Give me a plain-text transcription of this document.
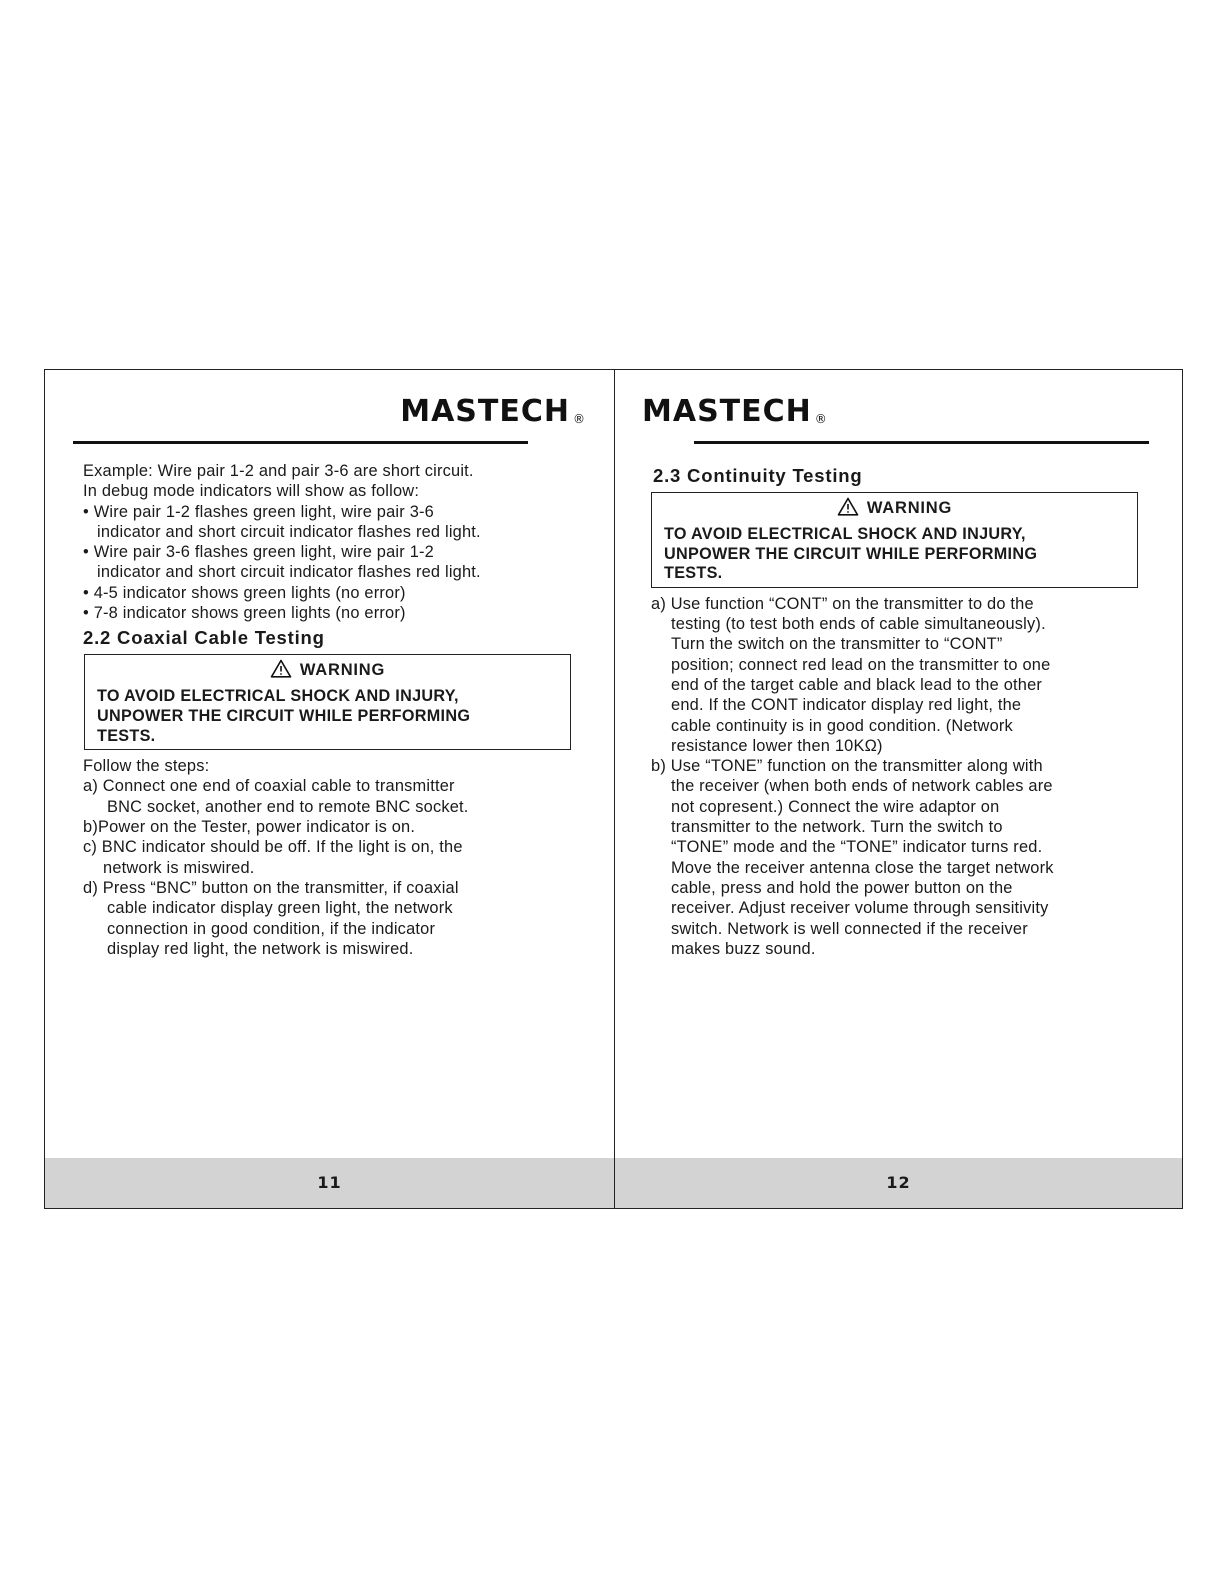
MASTECH ®
Example: Wire pair 1-2 and pair 3-6 are short circuit.
In debug mode indicators will show as follow:
• Wire pair 1-2 flashes green light, wire pair 3-6
indicator and short circuit indicator flashes red light.
• Wire pair 3-6 flashes green light, wire pair 1-2
indicator and short circuit indicator flashes red light.
• 4-5 indicator shows green lights (no error)
• 7-8 indicator shows green lights (no error)
2.2 Coaxial Cable Testing
WARNING
TO AVOID ELECTRICAL SHOCK AND INJURY,
UNPOWER THE CIRCUIT WHILE PERFORMING
TESTS.
Follow the steps:
a) Connect one end of coaxial cable to transmitter
BNC socket, another end to remote BNC socket.
b)Power on the Tester, power indicator is on.
c) BNC indicator should be off. If the light is on, the
network is miswired.
d) Press “BNC” button on the transmitter, if coaxial
cable indicator display green light, the network
connection in good condition, if the indicator
display red light, the network is miswired.
11
MASTECH ®
2.3 Continuity Testing
WARNING
TO AVOID ELECTRICAL SHOCK AND INJURY,
UNPOWER THE CIRCUIT WHILE PERFORMING
TESTS.
a) Use function “CONT” on the transmitter to do the
testing (to test both ends of cable simultaneously).
Turn the switch on the transmitter to “CONT”
position; connect red lead on the transmitter to one
end of the target cable and black lead to the other
end. If the CONT indicator display red light, the
cable continuity is in good condition. (Network
resistance lower then 10KΩ)
b) Use “TONE” function on the transmitter along with
the receiver (when both ends of network cables are
not copresent.) Connect the wire adaptor on
transmitter to the network. Turn the switch to
“TONE” mode and the “TONE” indicator turns red.
Move the receiver antenna close the target network
cable, press and hold the power button on the
receiver. Adjust receiver volume through sensitivity
switch. Network is well connected if the receiver
makes buzz sound.
12
